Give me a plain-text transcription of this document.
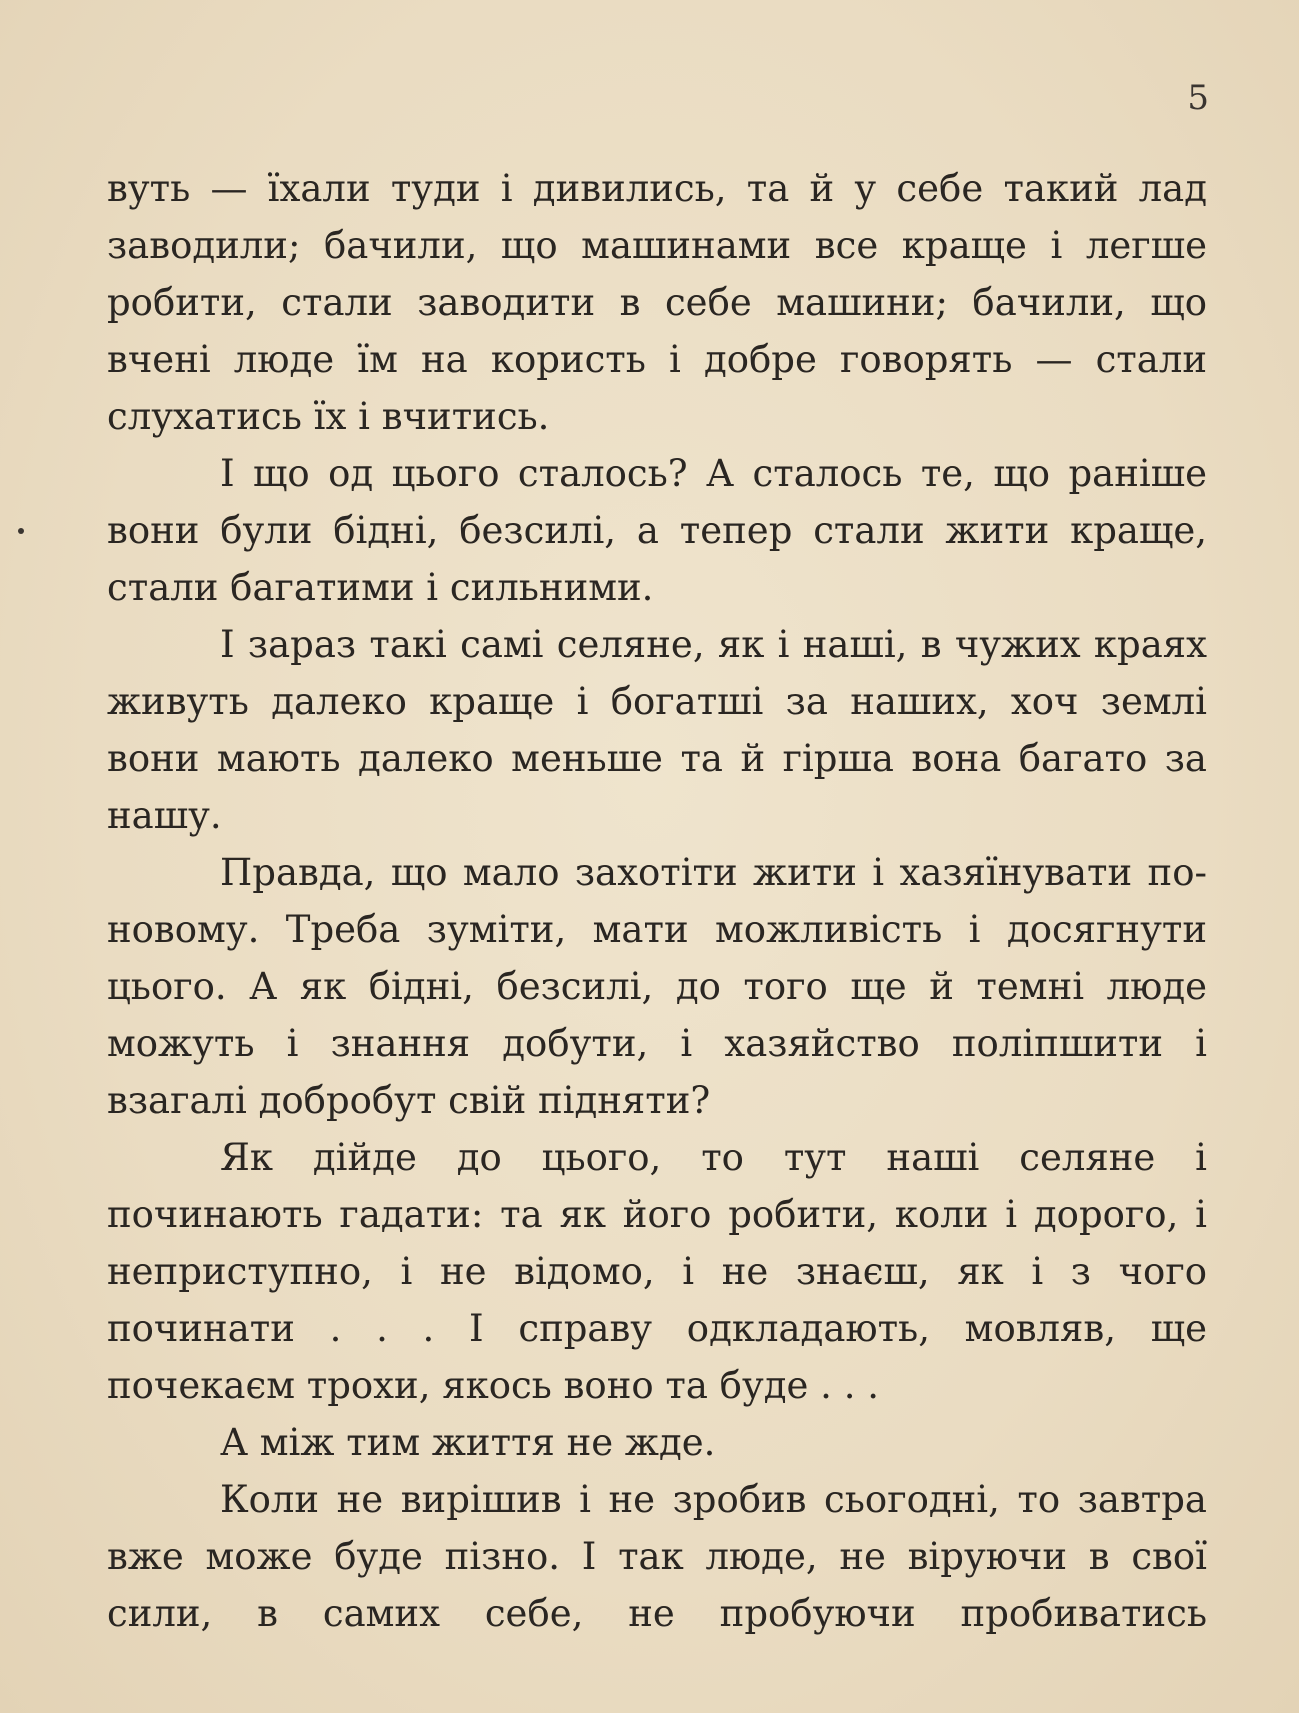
5

вуть — їхали туди і дивились, та й у себе такий лад заводили; бачили, що машинами все краще і легше робити, стали заводити в себе машини; бачили, що вчені люде їм на користь і добре говорять — стали слухатись їх і вчитись.

І що од цього сталось? А сталось те, що раніше вони були бідні, безсилі, а тепер стали жити краще, стали багатими і сильними.

І зараз такі самі селяне, як і наші, в чужих краях живуть далеко краще і богатші за наших, хоч землі вони мають далеко меньше та й гірша вона багато за нашу.

Правда, що мало захотіти жити і хазяїнувати по-новому. Треба зуміти, мати можливість і досягнути цього. А як бідні, безсилі, до того ще й темні люде можуть і знання добути, і хазяйство поліпшити і взагалі добробут свій підняти?

Як дійде до цього, то тут наші селяне і починають гадати: та як його робити, коли і дорого, і неприступно, і не відомо, і не знаєш, як і з чого починати . . . І справу одкладають, мовляв, ще почекаєм трохи, якось воно та буде . . .

А між тим життя не жде.

Коли не вирішив і не зробив сьогодні, то завтра вже може буде пізно. І так люде, не віруючи в свої сили, в самих себе, не пробуючи пробиватись
